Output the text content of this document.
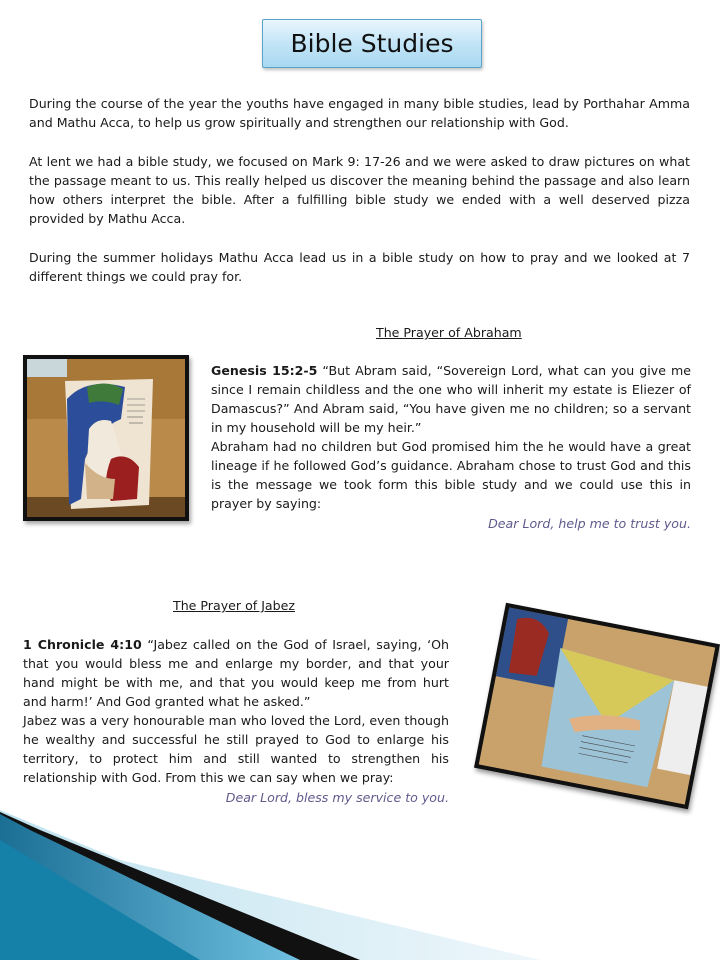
Bible Studies
During the course of the year the youths have engaged in many bible studies, lead by Porthahar Amma and Mathu Acca, to help us grow spiritually and strengthen our relationship with God.
At lent we had a bible study, we focused on Mark 9: 17-26 and we were asked to draw pictures on what the passage meant to us. This really helped us discover the meaning behind the passage and also learn how others interpret the bible. After a fulfilling bible study we ended with a well deserved pizza provided by Mathu Acca.
During the summer holidays Mathu Acca lead us in a bible study on how to pray and we looked at 7 different things we could pray for.
The Prayer of Abraham
Genesis 15:2-5 “But Abram said, “Sovereign Lord, what can you give me since I remain childless and the one who will inherit my estate is Eliezer of Damascus?” And Abram said, “You have given me no children; so a servant in my household will be my heir.”
Abraham had no children but God promised him the he would have a great lineage if he followed God’s guidance. Abraham chose to trust God and this is the message we took form this bible study and we could use this in prayer by saying:
Dear Lord, help me to trust you.
The Prayer of Jabez
1 Chronicle 4:10 “Jabez called on the God of Israel, saying, ‘Oh that you would bless me and enlarge my border, and that your hand might be with me, and that you would keep me from hurt and harm!’ And God granted what he asked.”
Jabez was a very honourable man who loved the Lord, even though he wealthy and successful he still prayed to God to enlarge his territory, to protect him and still wanted to strengthen his relationship with God. From this we can say when we pray:
Dear Lord, bless my service to you.
